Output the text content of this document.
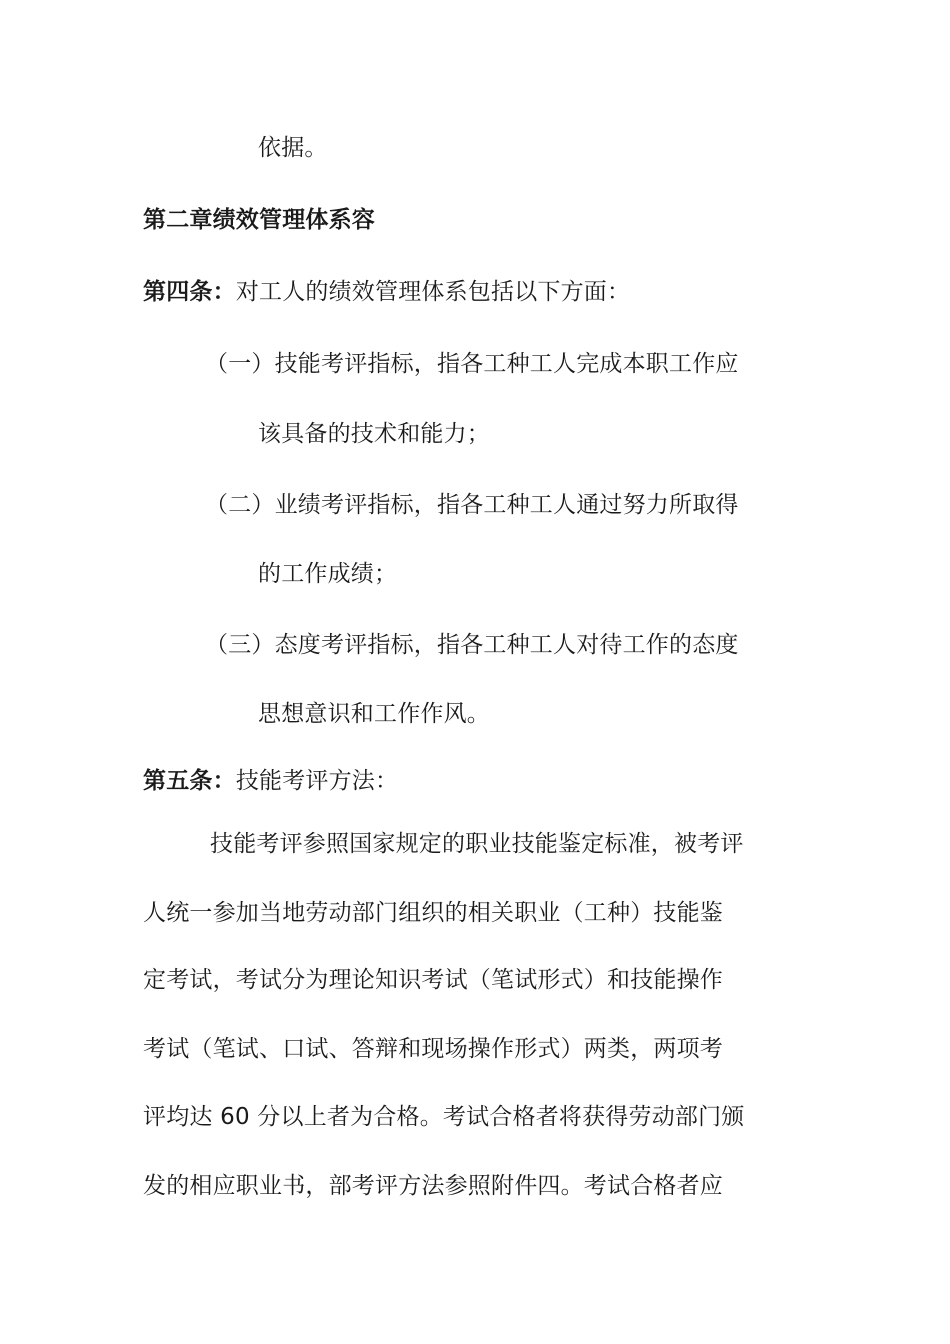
依据。
第二章绩效管理体系容
第四条：对工人的绩效管理体系包括以下方面：
（一）技能考评指标，指各工种工人完成本职工作应
该具备的技术和能力；
（二）业绩考评指标，指各工种工人通过努力所取得
的工作成绩；
（三）态度考评指标，指各工种工人对待工作的态度
思想意识和工作作风。
第五条：技能考评方法：
技能考评参照国家规定的职业技能鉴定标准，被考评
人统一参加当地劳动部门组织的相关职业（工种）技能鉴
定考试，考试分为理论知识考试（笔试形式）和技能操作
考试（笔试、口试、答辩和现场操作形式）两类，两项考
评均达 60 分以上者为合格。考试合格者将获得劳动部门颁
发的相应职业书，部考评方法参照附件四。考试合格者应
